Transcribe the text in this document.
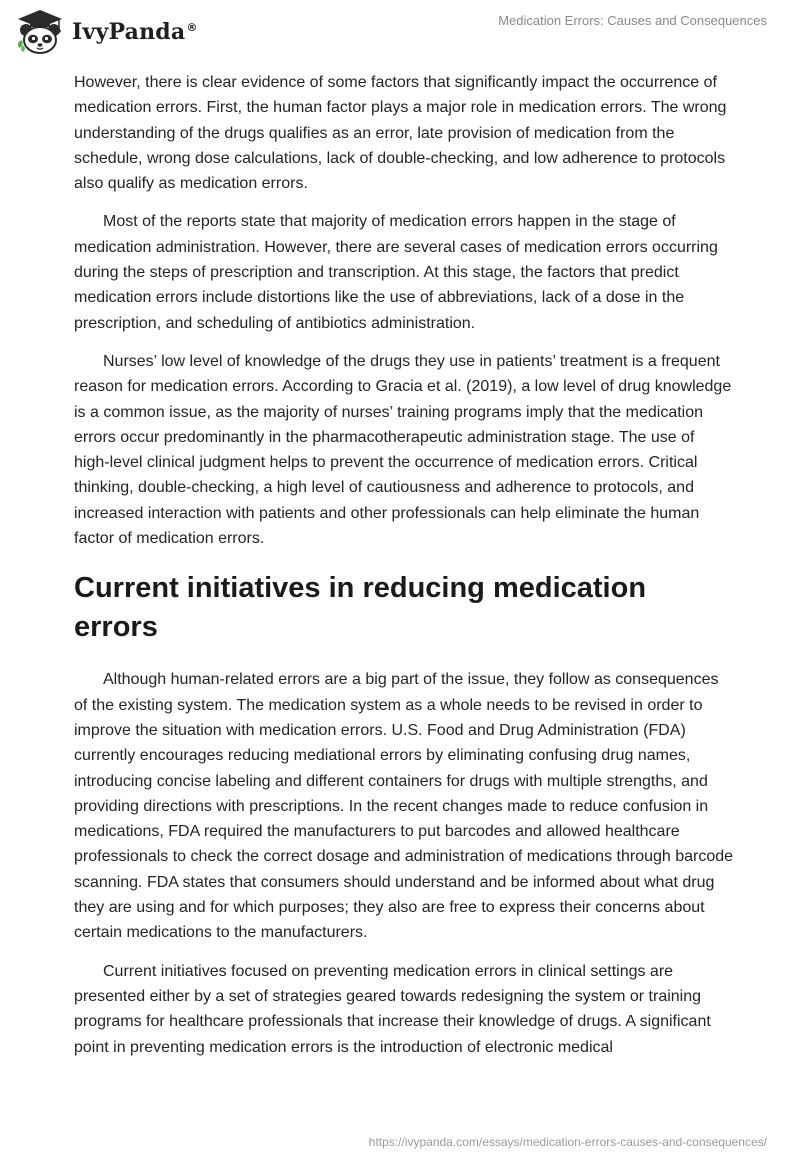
IvyPanda®	Medication Errors: Causes and Consequences

However, there is clear evidence of some factors that significantly impact the occurrence of medication errors. First, the human factor plays a major role in medication errors. The wrong understanding of the drugs qualifies as an error, late provision of medication from the schedule, wrong dose calculations, lack of double-checking, and low adherence to protocols also qualify as medication errors.

Most of the reports state that majority of medication errors happen in the stage of medication administration. However, there are several cases of medication errors occurring during the steps of prescription and transcription. At this stage, the factors that predict medication errors include distortions like the use of abbreviations, lack of a dose in the prescription, and scheduling of antibiotics administration.

Nurses’ low level of knowledge of the drugs they use in patients’ treatment is a frequent reason for medication errors. According to Gracia et al. (2019), a low level of drug knowledge is a common issue, as the majority of nurses’ training programs imply that the medication errors occur predominantly in the pharmacotherapeutic administration stage. The use of high-level clinical judgment helps to prevent the occurrence of medication errors. Critical thinking, double-checking, a high level of cautiousness and adherence to protocols, and increased interaction with patients and other professionals can help eliminate the human factor of medication errors.

Current initiatives in reducing medication errors

Although human-related errors are a big part of the issue, they follow as consequences of the existing system. The medication system as a whole needs to be revised in order to improve the situation with medication errors. U.S. Food and Drug Administration (FDA) currently encourages reducing mediational errors by eliminating confusing drug names, introducing concise labeling and different containers for drugs with multiple strengths, and providing directions with prescriptions. In the recent changes made to reduce confusion in medications, FDA required the manufacturers to put barcodes and allowed healthcare professionals to check the correct dosage and administration of medications through barcode scanning. FDA states that consumers should understand and be informed about what drug they are using and for which purposes; they also are free to express their concerns about certain medications to the manufacturers.

Current initiatives focused on preventing medication errors in clinical settings are presented either by a set of strategies geared towards redesigning the system or training programs for healthcare professionals that increase their knowledge of drugs. A significant point in preventing medication errors is the introduction of electronic medical

https://ivypanda.com/essays/medication-errors-causes-and-consequences/
